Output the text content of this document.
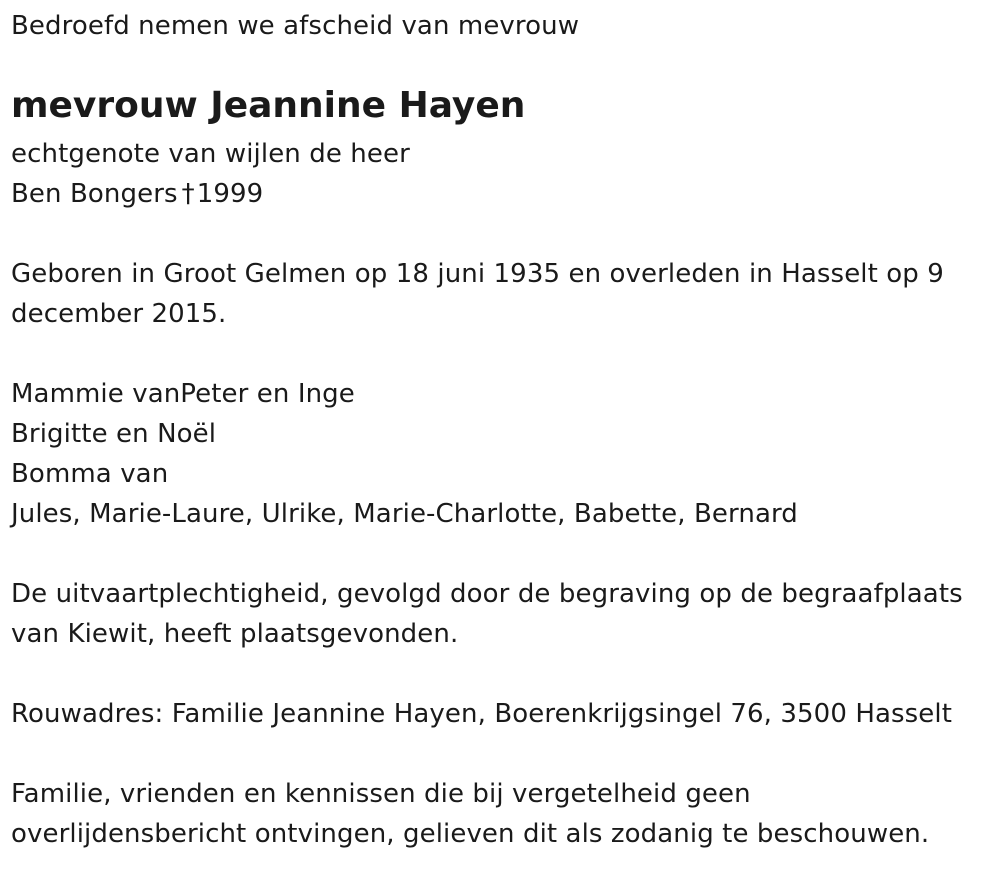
Bedroefd nemen we afscheid van mevrouw
mevrouw Jeannine Hayen
echtgenote van wijlen de heer
Ben Bongers †1999
Geboren in Groot Gelmen op 18 juni 1935 en overleden in Hasselt op 9
december 2015.
Mammie vanPeter en Inge
Brigitte en Noël
Bomma van
Jules, Marie-Laure, Ulrike, Marie-Charlotte, Babette, Bernard
De uitvaartplechtigheid, gevolgd door de begraving op de begraafplaats
van Kiewit, heeft plaatsgevonden.
Rouwadres: Familie Jeannine Hayen, Boerenkrijgsingel 76, 3500 Hasselt
Familie, vrienden en kennissen die bij vergetelheid geen
overlijdensbericht ontvingen, gelieven dit als zodanig te beschouwen.
